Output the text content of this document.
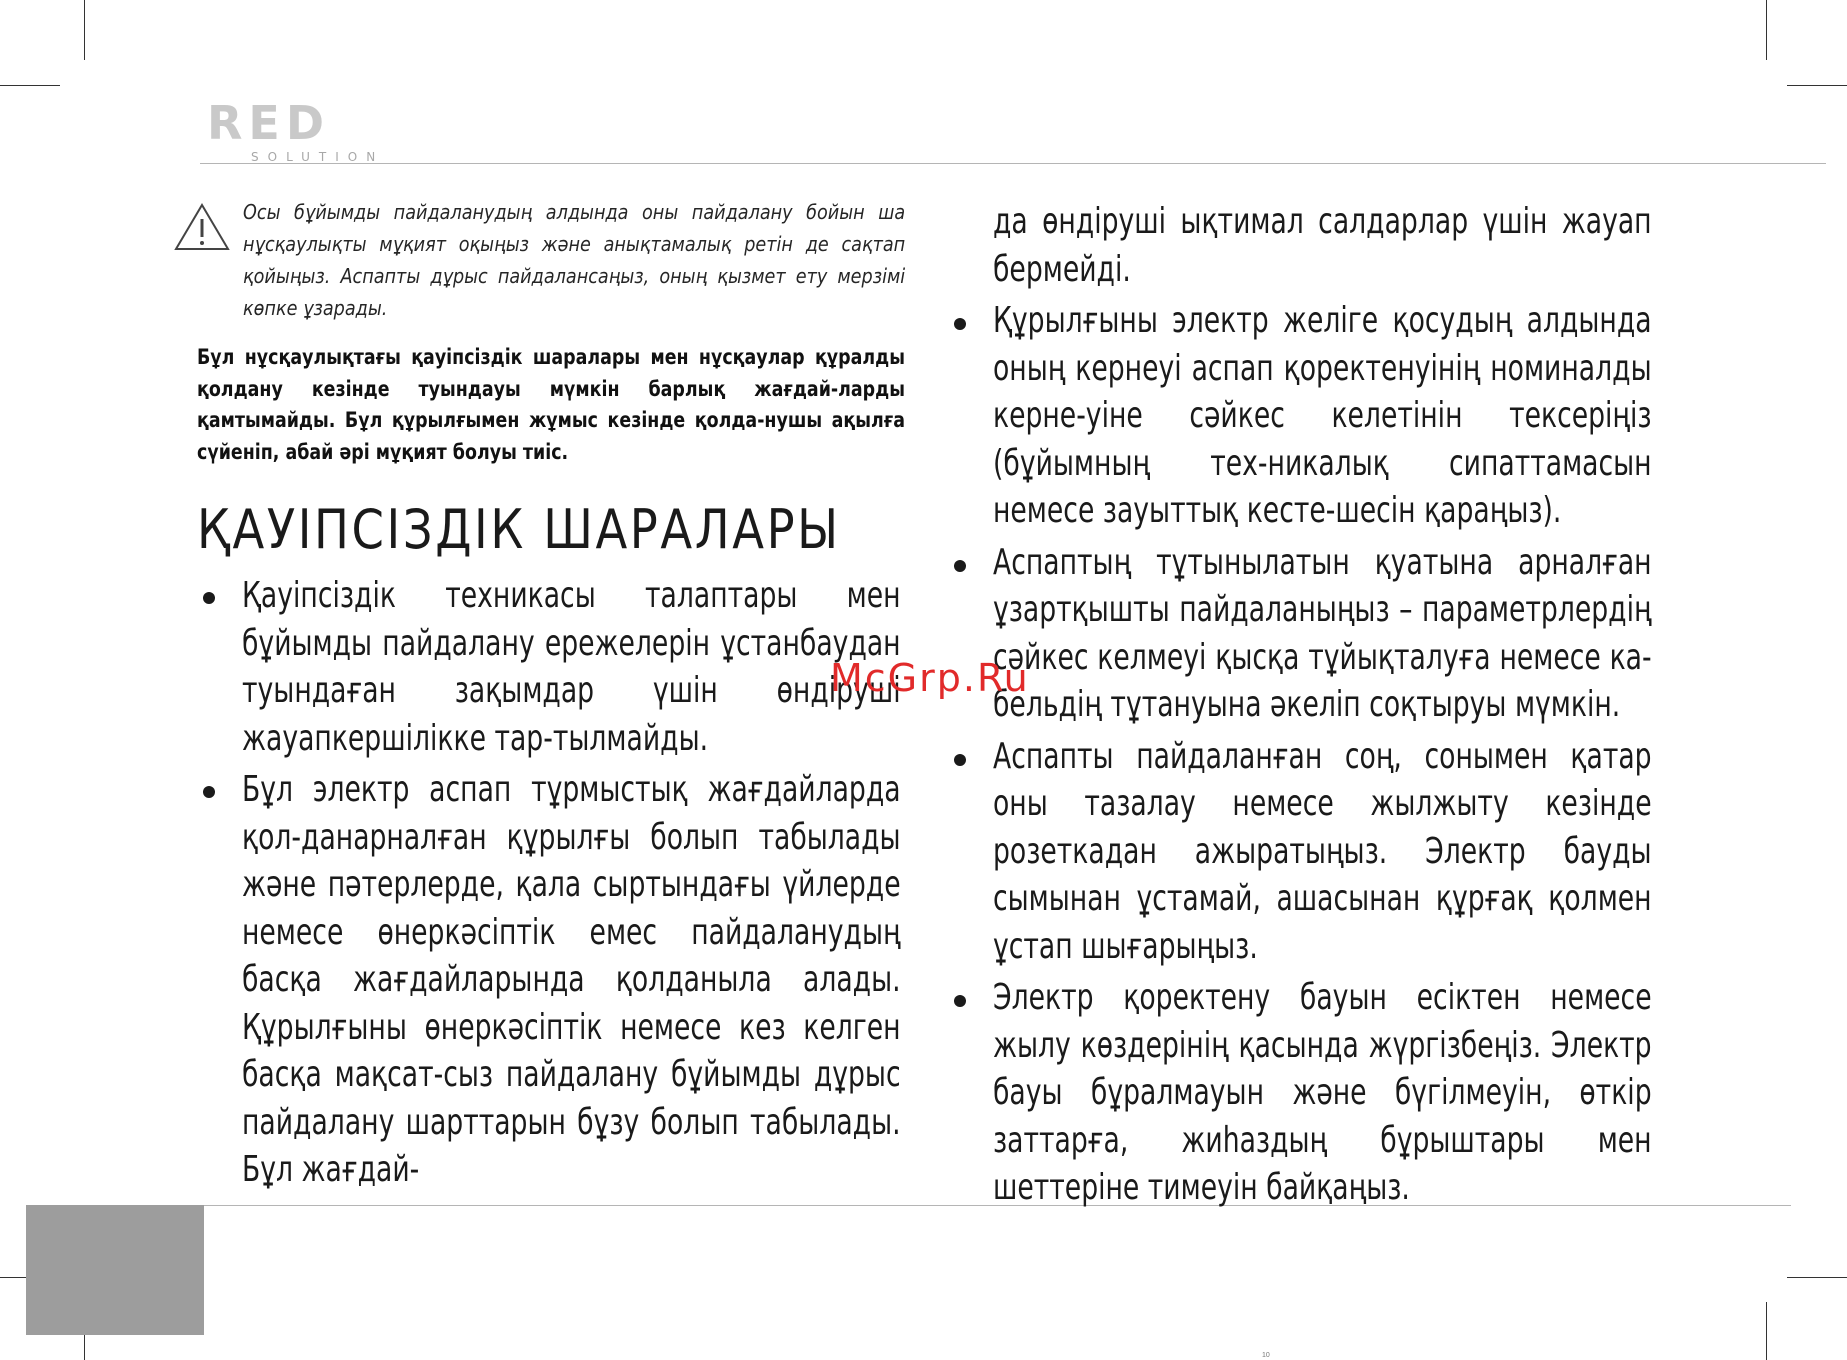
RED
SOLUTION

Осы бұйымды пайдаланудың алдында оны пайдалану бойын ша нұсқаулықты мұқият оқыңыз және анықтамалық ретін де сақтап қойыңыз. Аспапты дұрыс пайдалансаңыз, оның қызмет ету мерзімі көпке ұзарады.

Бұл нұсқаулықтағы қауіпсіздік шаралары мен нұсқаулар құралды қолдану кезінде туындауы мүмкін барлық жағдай-ларды қамтымайды. Бұл құрылғымен жұмыс кезінде қолда-нушы ақылға сүйеніп, абай әрі мұқият болуы тиіс.

ҚАУІПСІЗДІК ШАРАЛАРЫ

Қауіпсіздік техникасы талаптары мен бұйымды пайдалану ережелерін ұстанбаудан туындаған зақымдар үшін өндіруші жауапкершілікке тар-тылмайды.

Бұл электр аспап тұрмыстық жағдайларда қол-данарналған құрылғы болып табылады және пәтерлерде, қала сыртындағы үйлерде немесе өнеркәсіптік емес пайдаланудың басқа жағдайларында қолданыла алады. Құрылғыны өнеркәсіптік немесе кез келген басқа мақсат-сыз пайдалану бұйымды дұрыс пайдалану шарттарын бұзу болып табылады. Бұл жағдай-

да өндіруші ықтимал салдарлар үшін жауап бермейді.

Құрылғыны электр желіге қосудың алдында оның кернеуі аспап қоректенуінің номиналды керне-уіне сәйкес келетінін тексеріңіз (бұйымның тех-никалық сипаттамасын немесе зауыттық кесте-шесін қараңыз).

Аспаптың тұтынылатын қуатына арналған ұзартқышты пайдаланыңыз – параметрлердің сәйкес келмеуі қысқа тұйықталуға немесе ка-бельдің тұтануына әкеліп соқтыруы мүмкін.

Аспапты пайдаланған соң, сонымен қатар оны тазалау немесе жылжыту кезінде розеткадан ажыратыңыз. Электр бауды сымынан ұстамай, ашасынан құрғақ қолмен ұстап шығарыңыз.

Электр қоректену бауын есіктен немесе жылу көздерінің қасында жүргізбеңіз. Электр бауы бұралмауын және бүгілмеуін, өткір заттарға, жиһаздың бұрыштары мен шеттеріне тимеуін байқаңыз.

10
McGrp.Ru
